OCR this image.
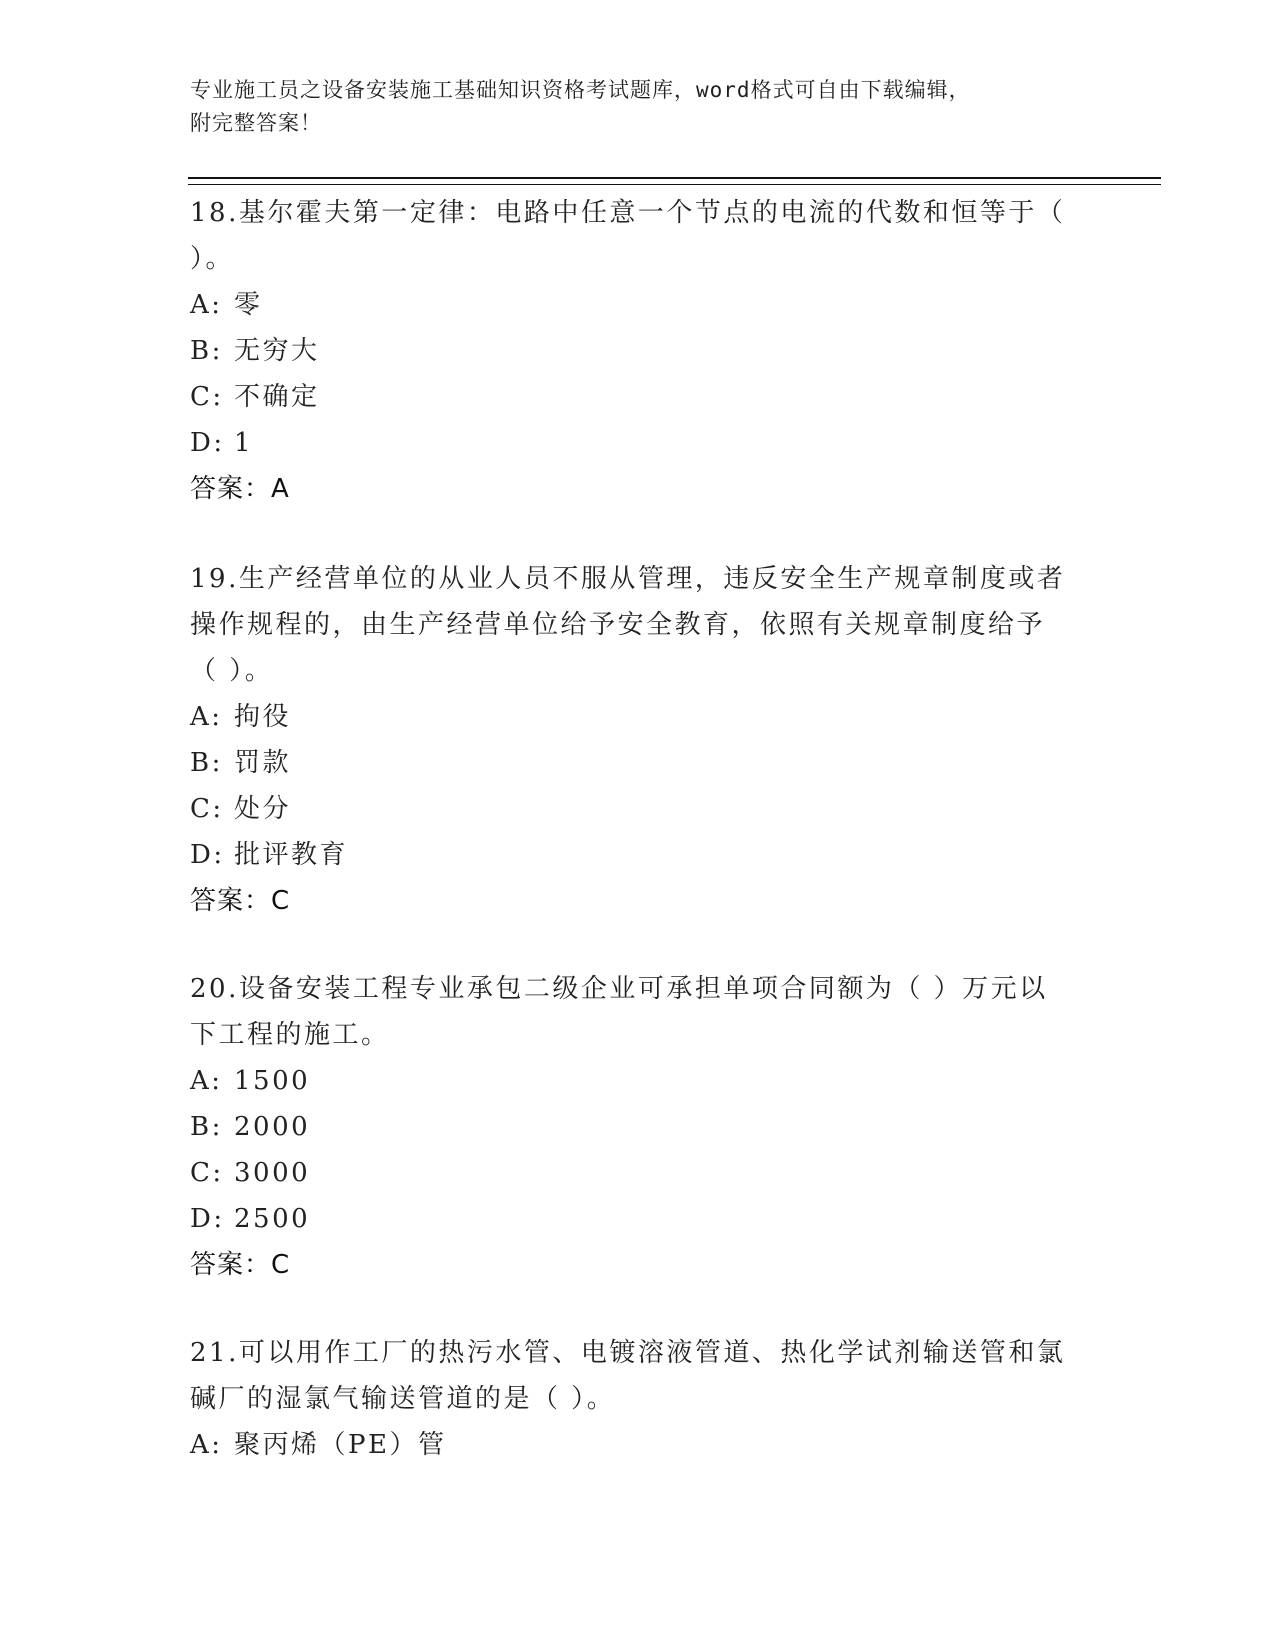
专业施工员之设备安装施工基础知识资格考试题库，word格式可自由下载编辑，
附完整答案！
18.基尔霍夫第一定律：电路中任意一个节点的电流的代数和恒等于（
）。
A: 零
B: 无穷大
C: 不确定
D: 1
答案：A
19.生产经营单位的从业人员不服从管理，违反安全生产规章制度或者
操作规程的，由生产经营单位给予安全教育，依照有关规章制度给予
（ ）。
A: 拘役
B: 罚款
C: 处分
D: 批评教育
答案：C
20.设备安装工程专业承包二级企业可承担单项合同额为（ ）万元以
下工程的施工。
A: 1500
B: 2000
C: 3000
D: 2500
答案：C
21.可以用作工厂的热污水管、电镀溶液管道、热化学试剂输送管和氯
碱厂的湿氯气输送管道的是（ ）。
A: 聚丙烯（PE）管
